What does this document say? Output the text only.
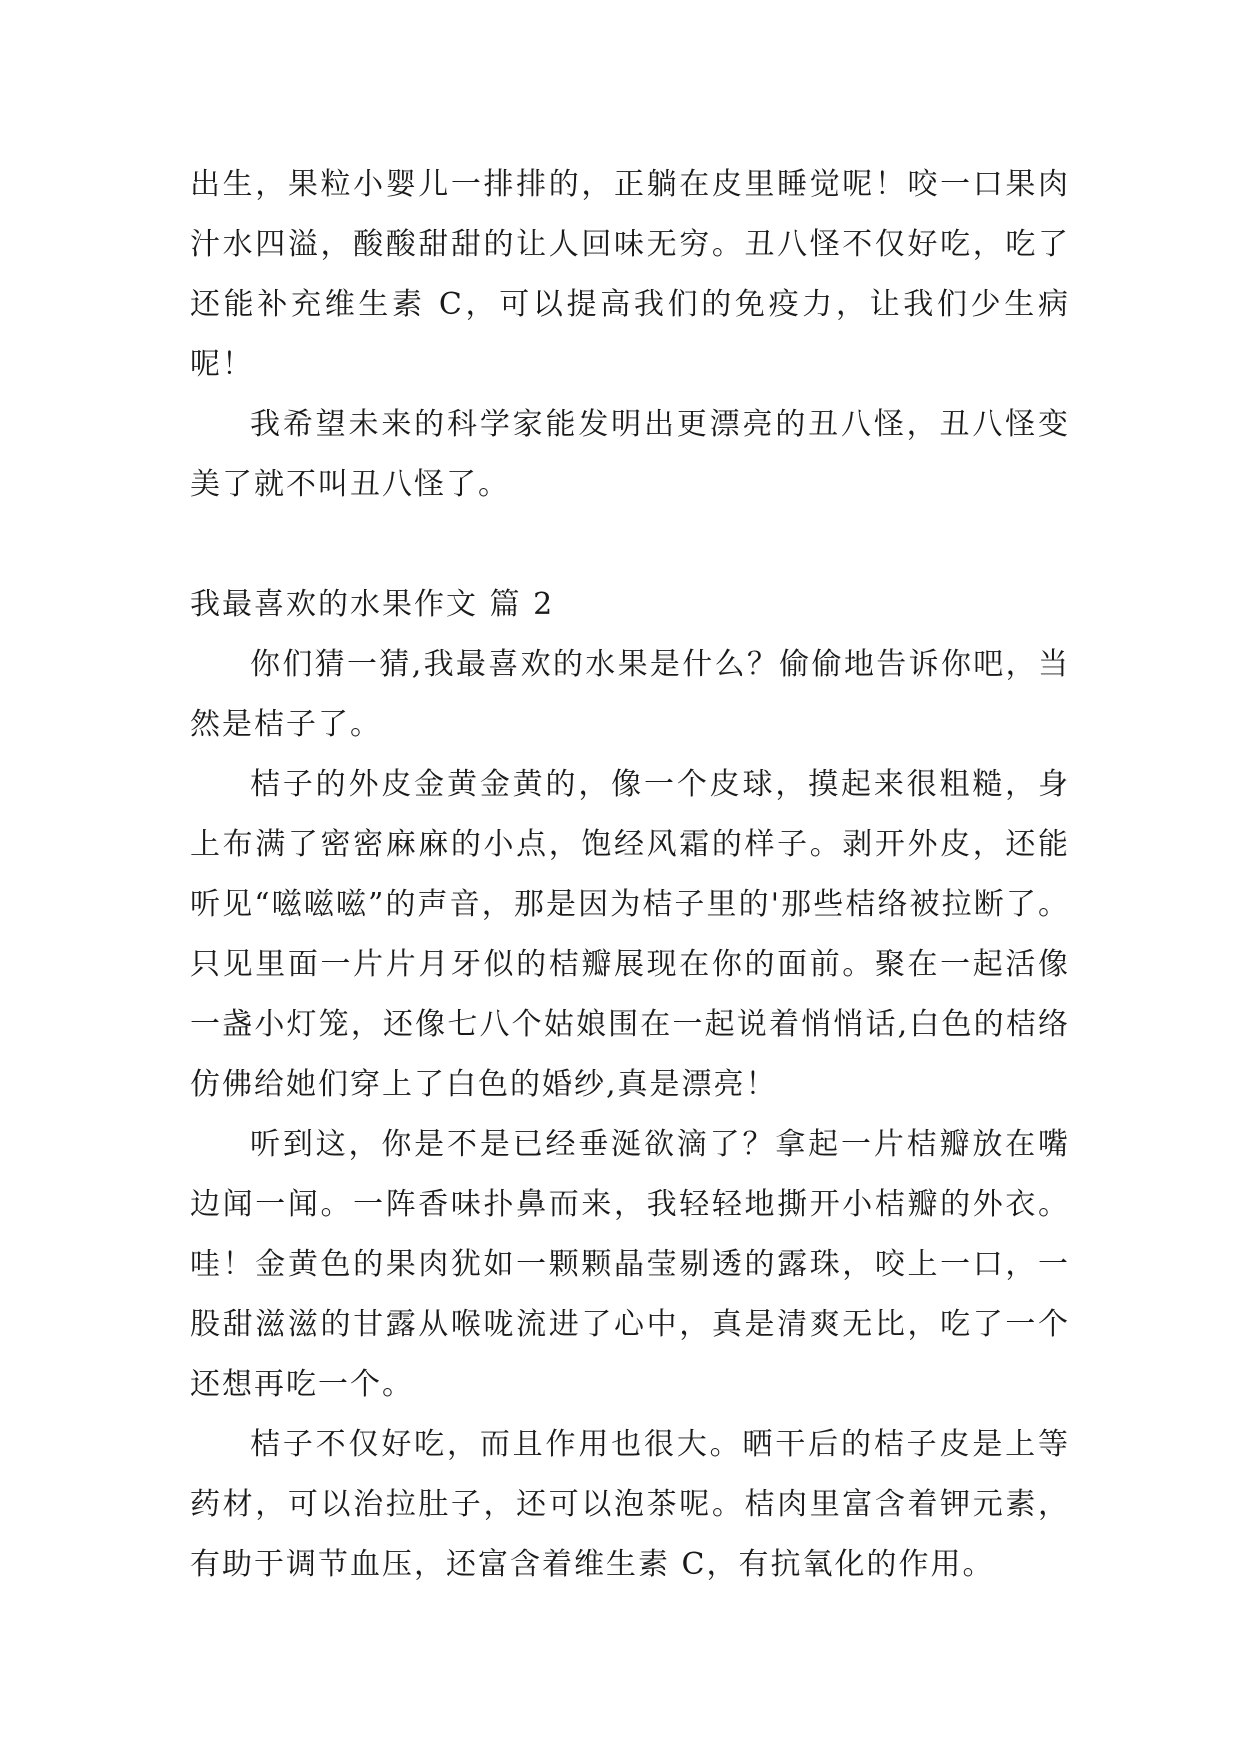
出生，果粒小婴儿一排排的，正躺在皮里睡觉呢！咬一口果肉汁水四溢，酸酸甜甜的让人回味无穷。丑八怪不仅好吃，吃了还能补充维生素 C，可以提高我们的免疫力，让我们少生病呢！

我希望未来的科学家能发明出更漂亮的丑八怪，丑八怪变美了就不叫丑八怪了。

我最喜欢的水果作文 篇 2

你们猜一猜,我最喜欢的水果是什么？偷偷地告诉你吧，当然是桔子了。

桔子的外皮金黄金黄的，像一个皮球，摸起来很粗糙，身上布满了密密麻麻的小点，饱经风霜的样子。剥开外皮，还能听见“嗞嗞嗞”的声音，那是因为桔子里的'那些桔络被拉断了。只见里面一片片月牙似的桔瓣展现在你的面前。聚在一起活像一盏小灯笼，还像七八个姑娘围在一起说着悄悄话,白色的桔络仿佛给她们穿上了白色的婚纱,真是漂亮！

听到这，你是不是已经垂涎欲滴了？拿起一片桔瓣放在嘴边闻一闻。一阵香味扑鼻而来，我轻轻地撕开小桔瓣的外衣。哇！金黄色的果肉犹如一颗颗晶莹剔透的露珠，咬上一口，一股甜滋滋的甘露从喉咙流进了心中，真是清爽无比，吃了一个还想再吃一个。

桔子不仅好吃，而且作用也很大。晒干后的桔子皮是上等药材，可以治拉肚子，还可以泡茶呢。桔肉里富含着钾元素，有助于调节血压，还富含着维生素 C，有抗氧化的作用。
